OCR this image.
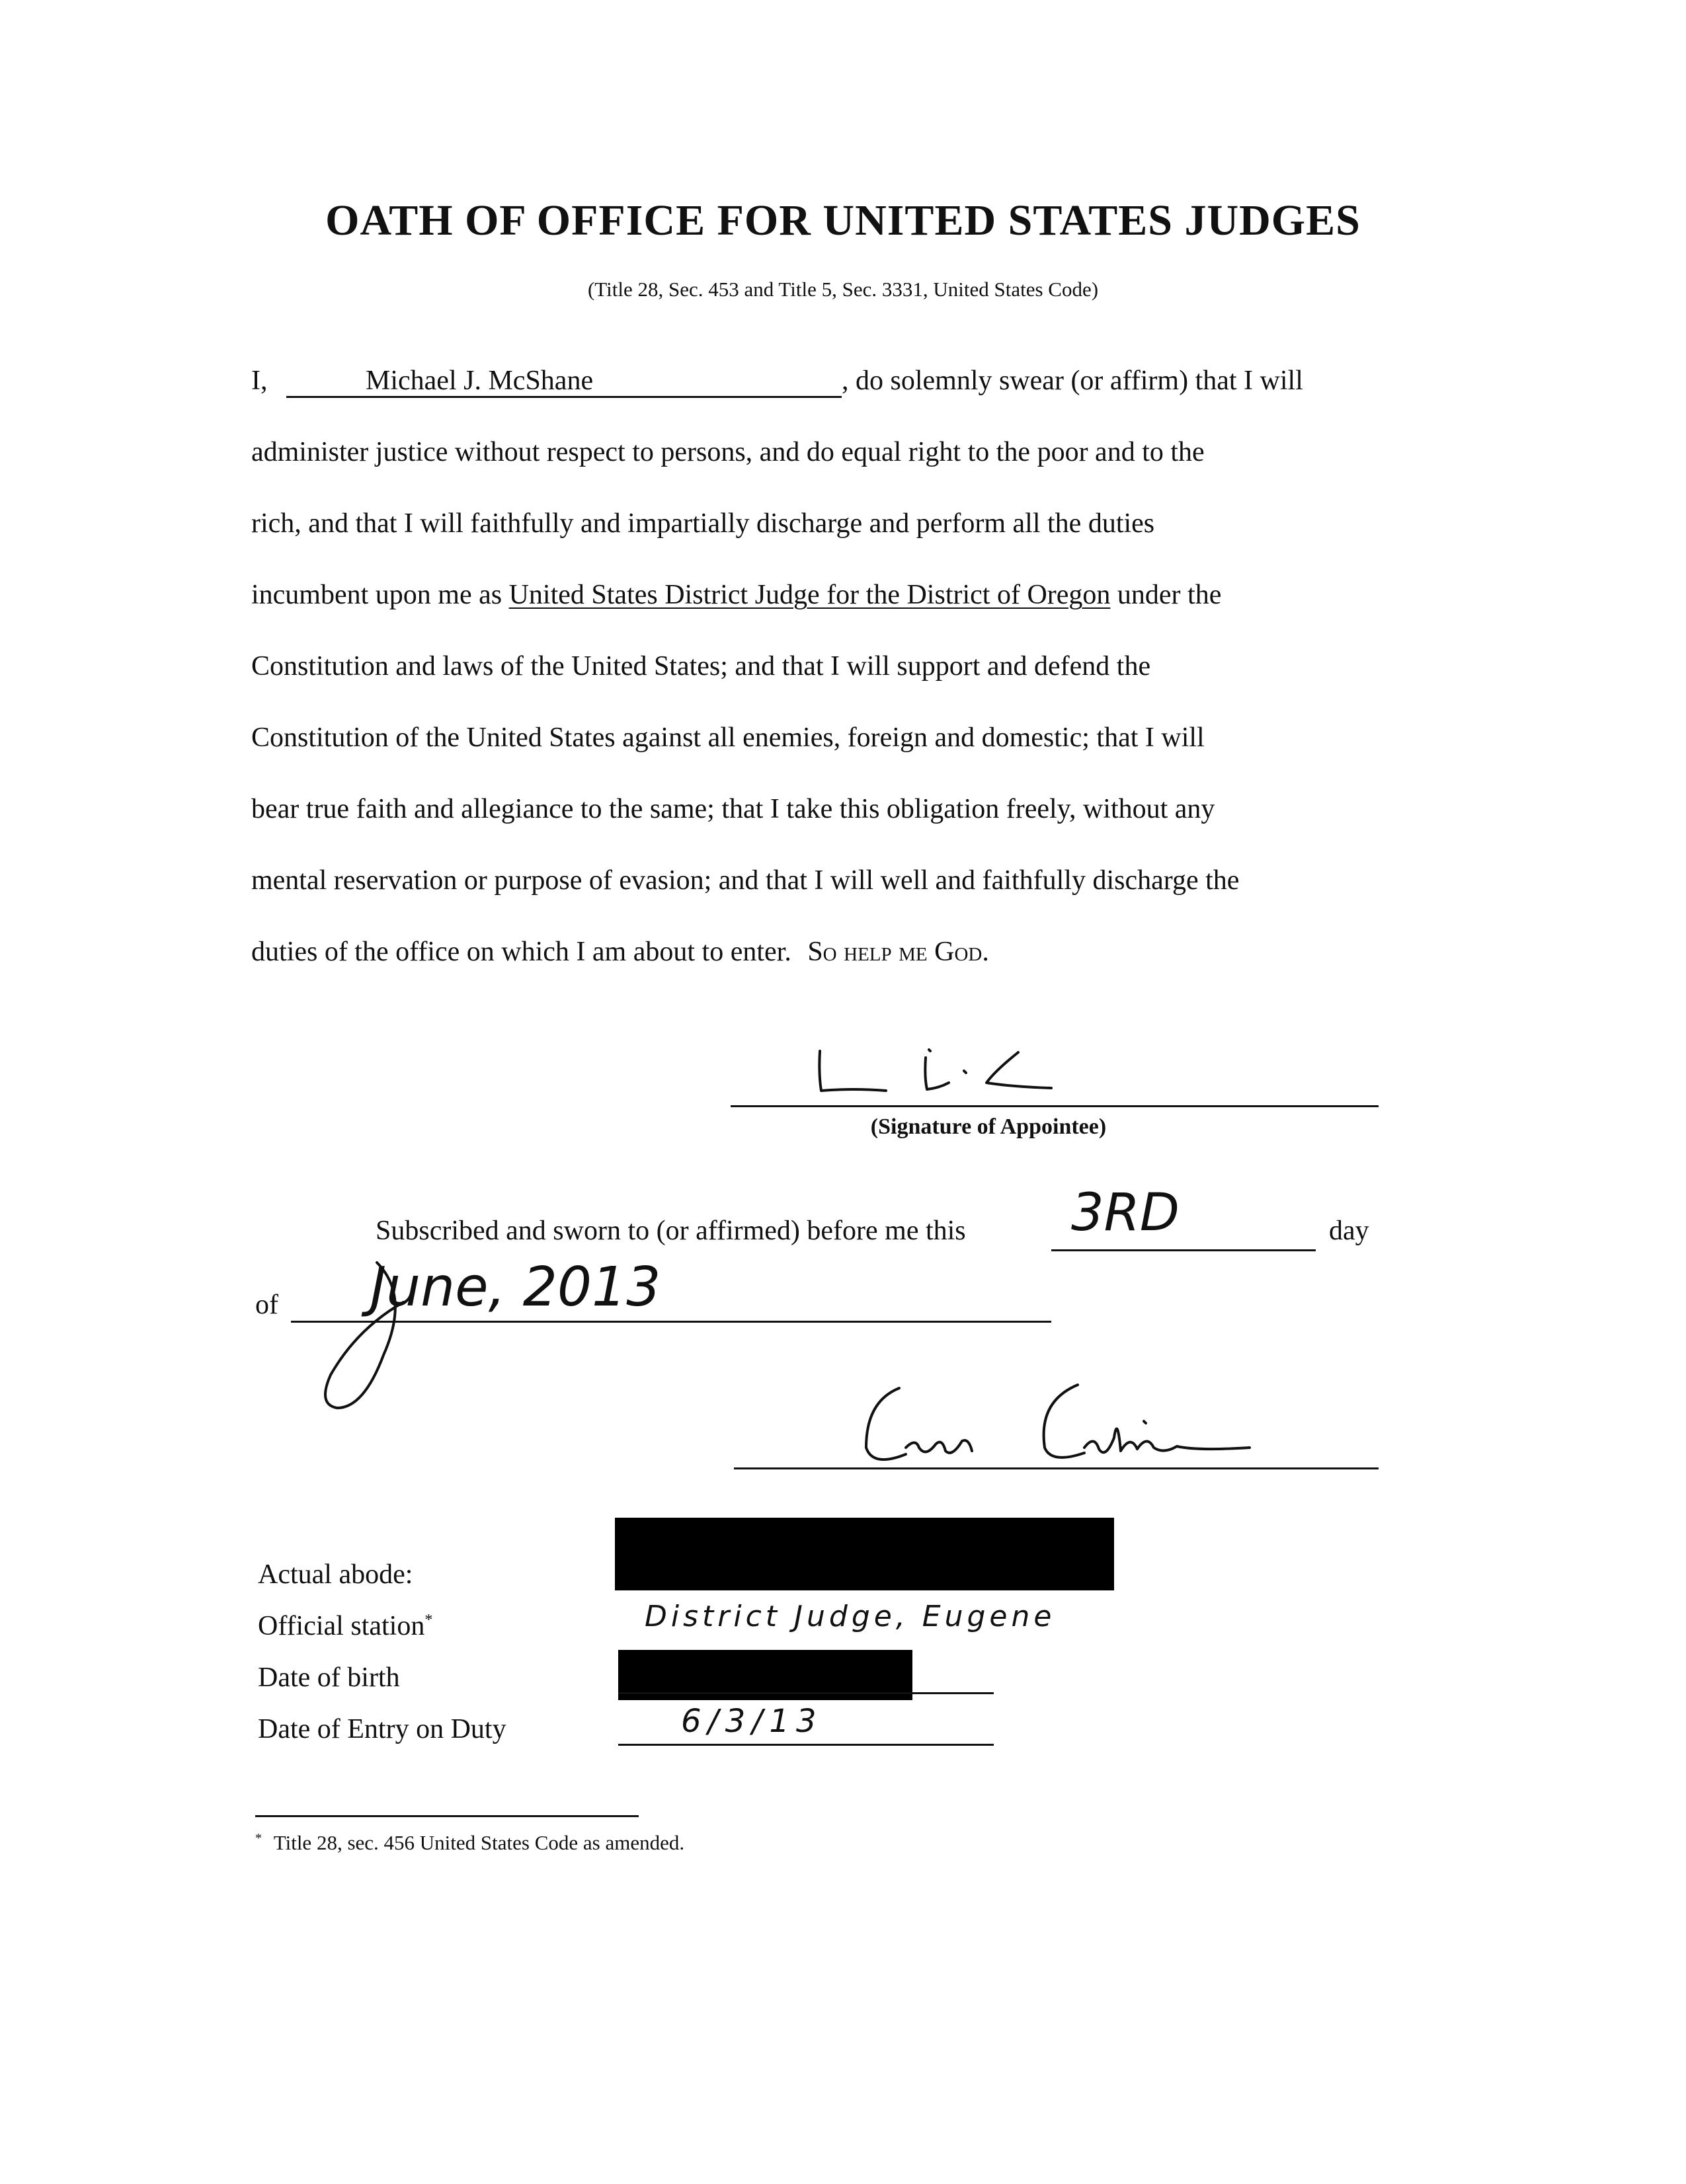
OATH OF OFFICE FOR UNITED STATES JUDGES
(Title 28, Sec. 453 and Title 5, Sec. 3331, United States Code)
I,	Michael J. McShane	, do solemnly swear (or affirm) that I will
administer justice without respect to persons, and do equal right to the poor and to the
rich, and that I will faithfully and impartially discharge and perform all the duties
incumbent upon me as United States District Judge for the District of Oregon under the
Constitution and laws of the United States; and that I will support and defend the
Constitution of the United States against all enemies, foreign and domestic; that I will
bear true faith and allegiance to the same; that I take this obligation freely, without any
mental reservation or purpose of evasion; and that I will well and faithfully discharge the
duties of the office on which I am about to enter. So help me God.
(Signature of Appointee)
Subscribed and sworn to (or affirmed) before me this 3RD	day
of June, 2013
Actual abode:
Official station*	District Judge, Eugene
Date of birth
Date of Entry on Duty	6/3/13
* Title 28, sec. 456 United States Code as amended.
